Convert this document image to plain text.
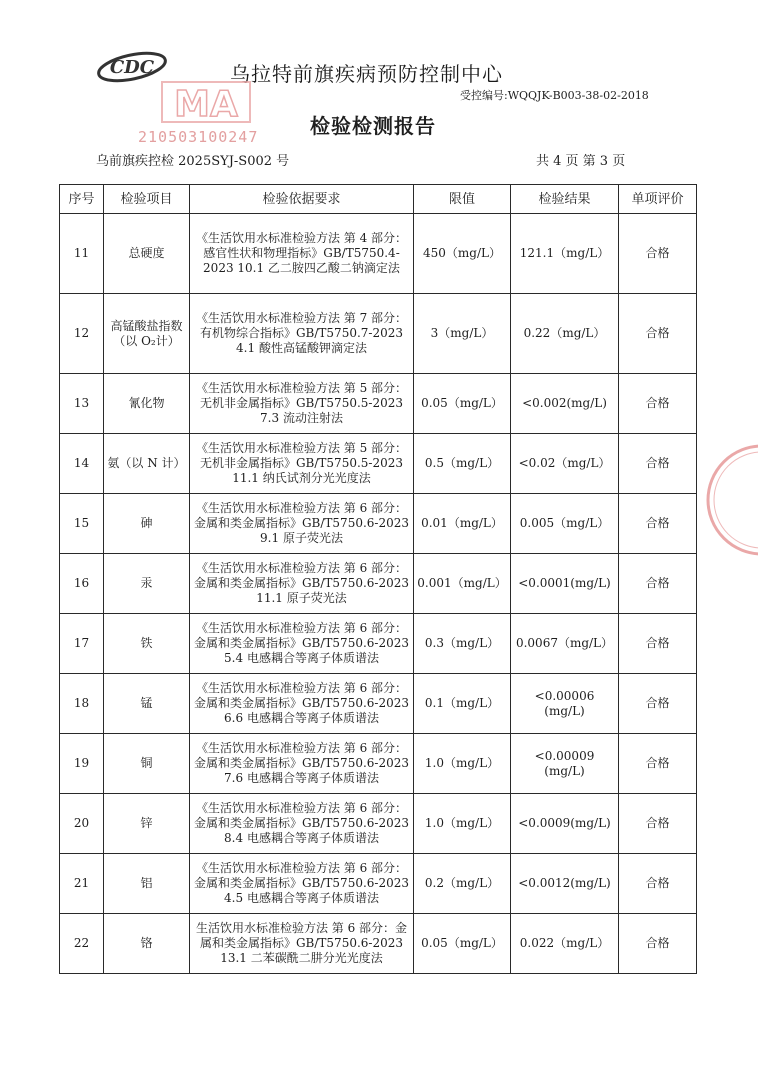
CDC	乌拉特前旗疾病预防控制中心
受控编号:WQQJK-B003-38-02-2018
MA
210503100247	检验检测报告
乌前旗疾控检 2025SYJ-S002 号	共 4 页 第 3 页
序号	检验项目	检验依据要求	限值	检验结果	单项评价
11	总硬度	《生活饮用水标准检验方法 第 4 部分：感官性状和物理指标》GB/T5750.4-2023 10.1 乙二胺四乙酸二钠滴定法	450（mg/L）	121.1（mg/L）	合格
12	高锰酸盐指数（以 O₂计）	《生活饮用水标准检验方法 第 7 部分：有机物综合指标》GB/T5750.7-2023 4.1 酸性高锰酸钾滴定法	3（mg/L）	0.22（mg/L）	合格
13	氰化物	《生活饮用水标准检验方法 第 5 部分：无机非金属指标》GB/T5750.5-2023 7.3 流动注射法	0.05（mg/L）	<0.002(mg/L)	合格
14	氨（以 N 计）	《生活饮用水标准检验方法 第 5 部分：无机非金属指标》GB/T5750.5-2023 11.1 纳氏试剂分光光度法	0.5（mg/L）	<0.02（mg/L）	合格
15	砷	《生活饮用水标准检验方法 第 6 部分：金属和类金属指标》GB/T5750.6-2023 9.1 原子荧光法	0.01（mg/L）	0.005（mg/L）	合格
16	汞	《生活饮用水标准检验方法 第 6 部分：金属和类金属指标》GB/T5750.6-2023 11.1 原子荧光法	0.001（mg/L）	<0.0001(mg/L)	合格
17	铁	《生活饮用水标准检验方法 第 6 部分：金属和类金属指标》GB/T5750.6-2023 5.4 电感耦合等离子体质谱法	0.3（mg/L）	0.0067（mg/L）	合格
18	锰	《生活饮用水标准检验方法 第 6 部分：金属和类金属指标》GB/T5750.6-2023 6.6 电感耦合等离子体质谱法	0.1（mg/L）	<0.00006 (mg/L)	合格
19	铜	《生活饮用水标准检验方法 第 6 部分：金属和类金属指标》GB/T5750.6-2023 7.6 电感耦合等离子体质谱法	1.0（mg/L）	<0.00009 (mg/L)	合格
20	锌	《生活饮用水标准检验方法 第 6 部分：金属和类金属指标》GB/T5750.6-2023 8.4 电感耦合等离子体质谱法	1.0（mg/L）	<0.0009(mg/L)	合格
21	铝	《生活饮用水标准检验方法 第 6 部分：金属和类金属指标》GB/T5750.6-2023 4.5 电感耦合等离子体质谱法	0.2（mg/L）	<0.0012(mg/L)	合格
22	铬	生活饮用水标准检验方法 第 6 部分：金属和类金属指标》GB/T5750.6-2023 13.1 二苯碳酰二肼分光光度法	0.05（mg/L）	0.022（mg/L）	合格
